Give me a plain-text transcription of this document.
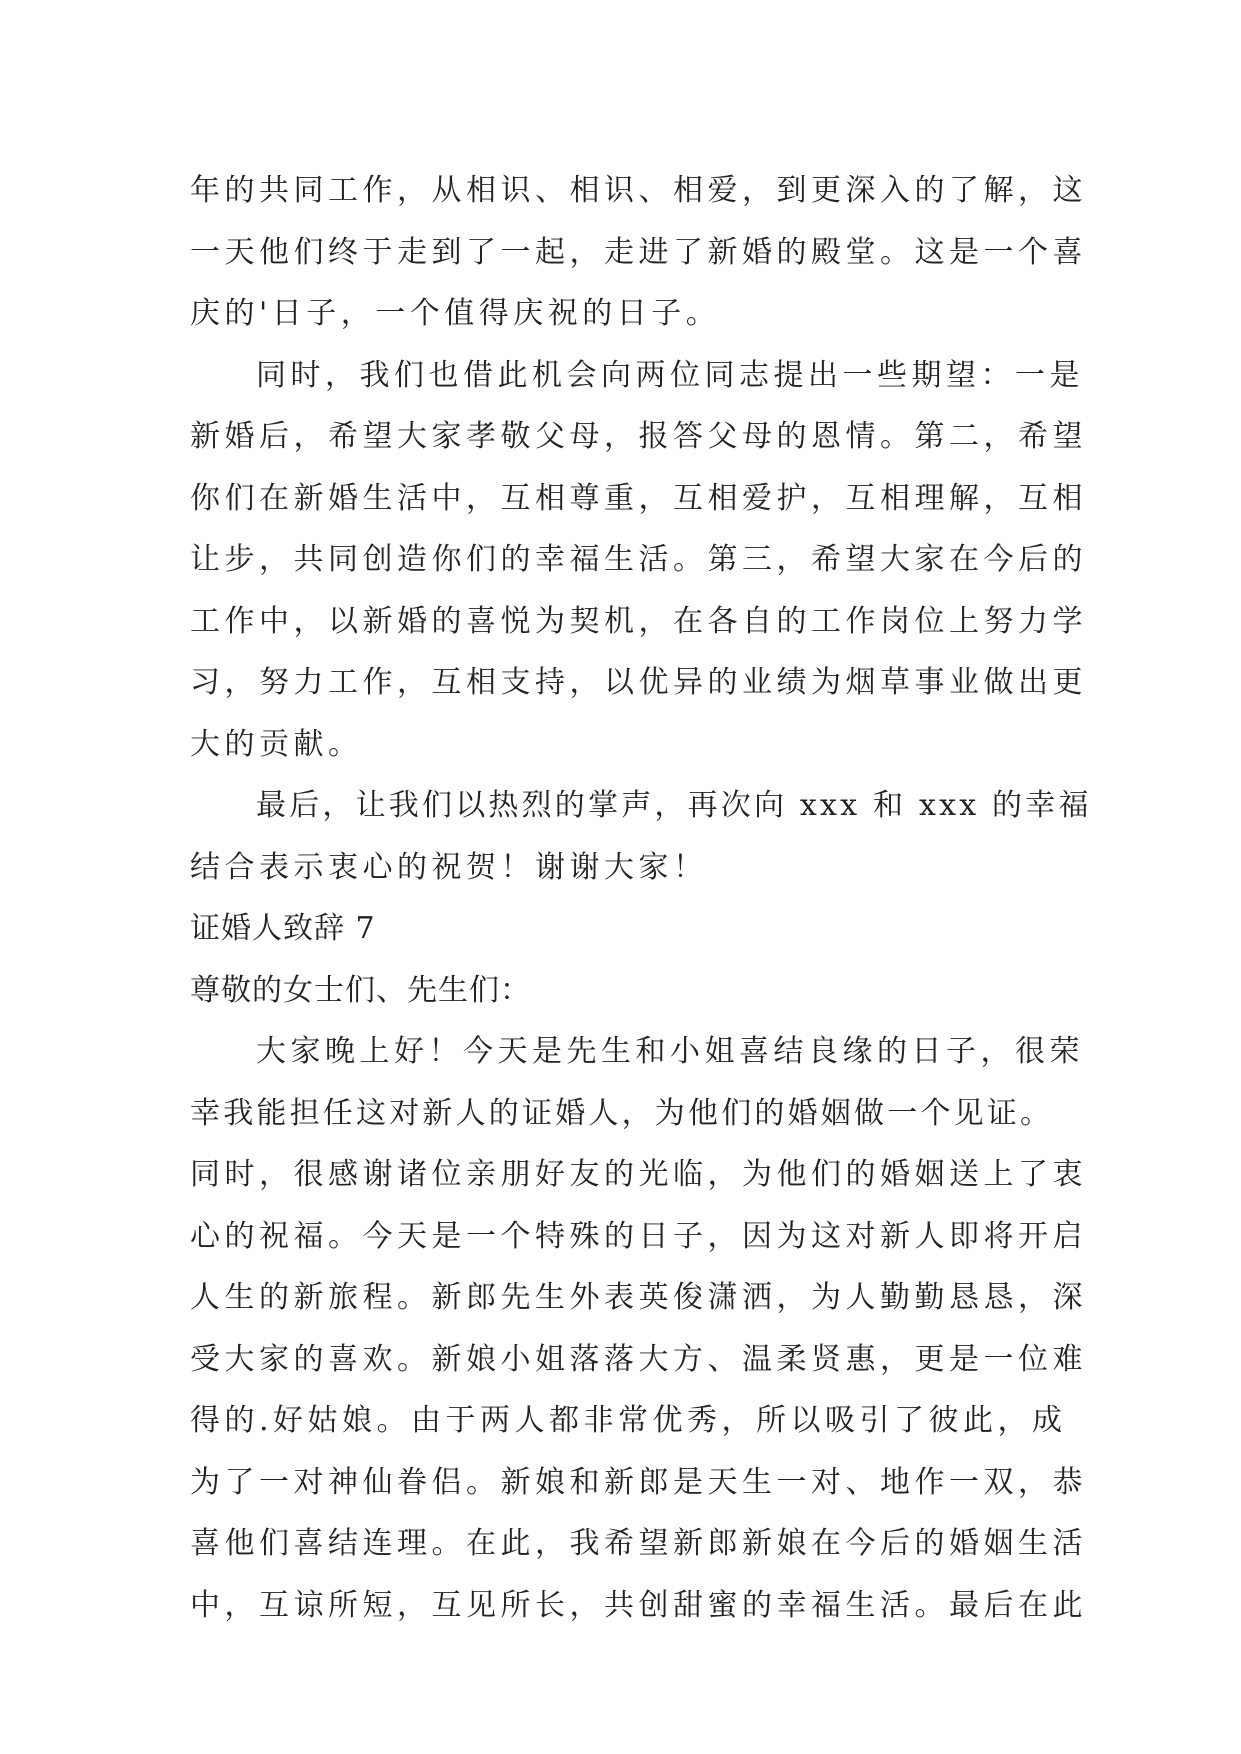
年的共同工作，从相识、相识、相爱，到更深入的了解，这
一天他们终于走到了一起，走进了新婚的殿堂。这是一个喜
庆的'日子，一个值得庆祝的日子。
同时，我们也借此机会向两位同志提出一些期望：一是
新婚后，希望大家孝敬父母，报答父母的恩情。第二，希望
你们在新婚生活中，互相尊重，互相爱护，互相理解，互相
让步，共同创造你们的幸福生活。第三，希望大家在今后的
工作中，以新婚的喜悦为契机，在各自的工作岗位上努力学
习，努力工作，互相支持，以优异的业绩为烟草事业做出更
大的贡献。
最后，让我们以热烈的掌声，再次向 xxx 和 xxx 的幸福
结合表示衷心的祝贺！谢谢大家！
证婚人致辞 7
尊敬的女士们、先生们：
大家晚上好！今天是先生和小姐喜结良缘的日子，很荣
幸我能担任这对新人的证婚人，为他们的婚姻做一个见证。
同时，很感谢诸位亲朋好友的光临，为他们的婚姻送上了衷
心的祝福。今天是一个特殊的日子，因为这对新人即将开启
人生的新旅程。新郎先生外表英俊潇洒，为人勤勤恳恳，深
受大家的喜欢。新娘小姐落落大方、温柔贤惠，更是一位难
得的.好姑娘。由于两人都非常优秀，所以吸引了彼此，成
为了一对神仙眷侣。新娘和新郎是天生一对、地作一双，恭
喜他们喜结连理。在此，我希望新郎新娘在今后的婚姻生活
中，互谅所短，互见所长，共创甜蜜的幸福生活。最后在此
